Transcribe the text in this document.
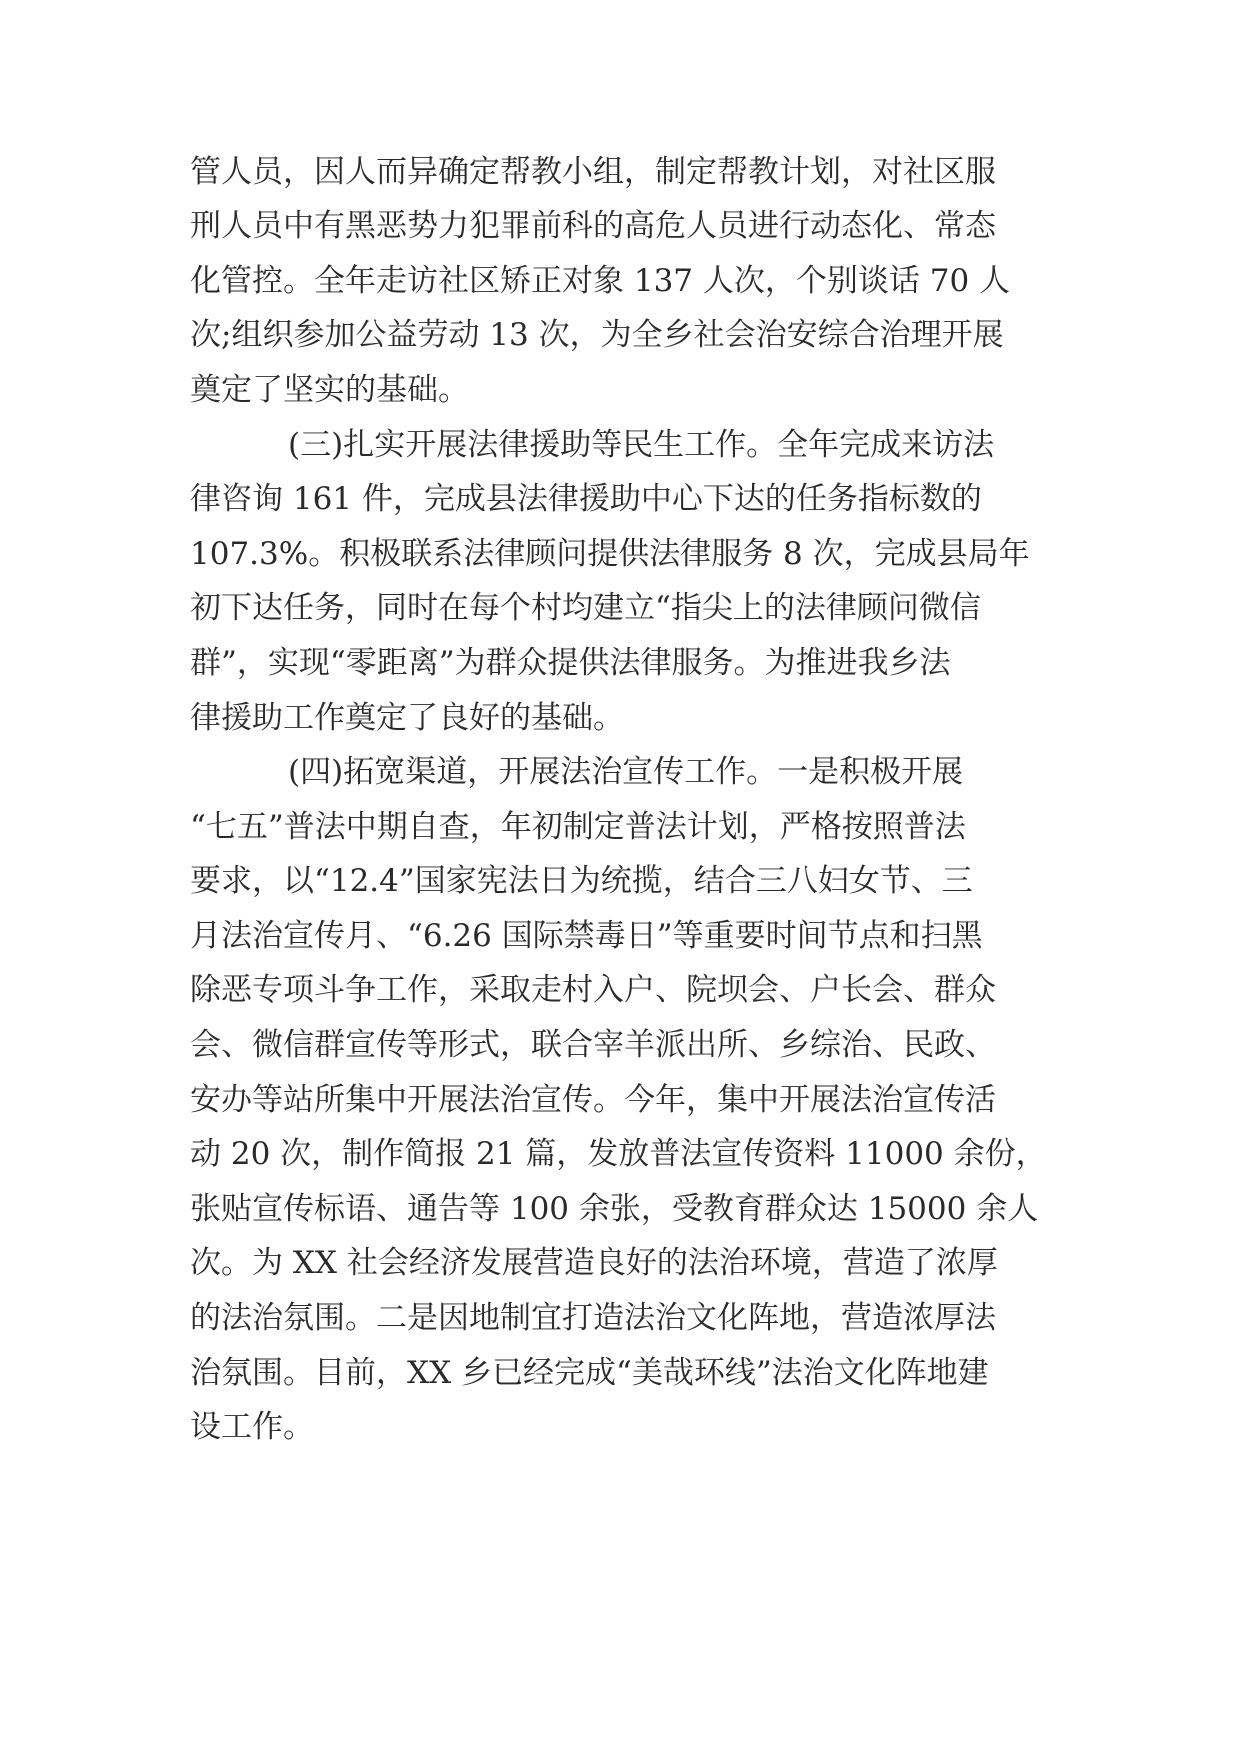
管人员，因人而异确定帮教小组，制定帮教计划，对社区服

刑人员中有黑恶势力犯罪前科的高危人员进行动态化、常态

化管控。全年走访社区矫正对象 137 人次，个别谈话 70 人

次;组织参加公益劳动 13 次，为全乡社会治安综合治理开展

奠定了坚实的基础。

(三)扎实开展法律援助等民生工作。全年完成来访法

律咨询 161 件，完成县法律援助中心下达的任务指标数的

107.3%。积极联系法律顾问提供法律服务 8 次，完成县局年

初下达任务，同时在每个村均建立“指尖上的法律顾问微信

群”，实现“零距离”为群众提供法律服务。为推进我乡法

律援助工作奠定了良好的基础。

(四)拓宽渠道，开展法治宣传工作。一是积极开展

“七五”普法中期自查，年初制定普法计划，严格按照普法

要求，以“12.4”国家宪法日为统揽，结合三八妇女节、三

月法治宣传月、“6.26 国际禁毒日”等重要时间节点和扫黑

除恶专项斗争工作，采取走村入户、院坝会、户长会、群众

会、微信群宣传等形式，联合宰羊派出所、乡综治、民政、

安办等站所集中开展法治宣传。今年，集中开展法治宣传活

动 20 次，制作简报 21 篇，发放普法宣传资料 11000 余份，

张贴宣传标语、通告等 100 余张，受教育群众达 15000 余人

次。为 XX 社会经济发展营造良好的法治环境，营造了浓厚

的法治氛围。二是因地制宜打造法治文化阵地，营造浓厚法

治氛围。目前，XX 乡已经完成“美哉环线”法治文化阵地建

设工作。
